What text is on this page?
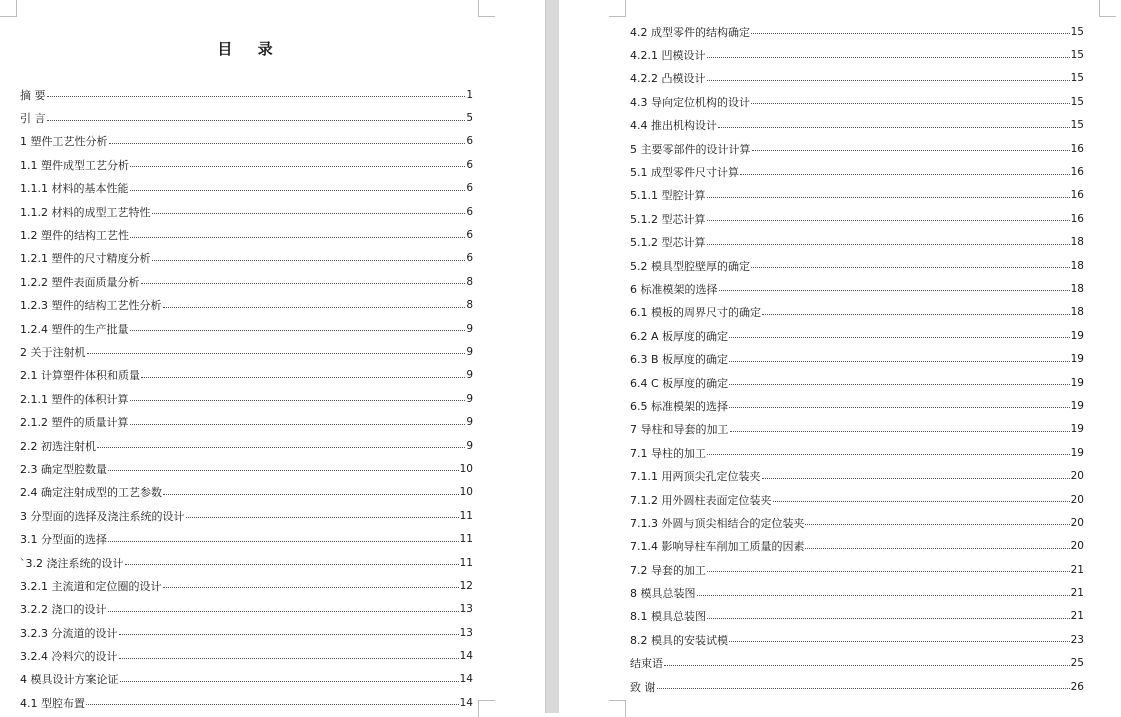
目 录
摘 要	1
引 言	5
1 塑件工艺性分析	6
1.1 塑件成型工艺分析	6
1.1.1 材料的基本性能	6
1.1.2 材料的成型工艺特性	6
1.2 塑件的结构工艺性	6
1.2.1 塑件的尺寸精度分析	6
1.2.2 塑件表面质量分析	8
1.2.3 塑件的结构工艺性分析	8
1.2.4 塑件的生产批量	9
2 关于注射机	9
2.1 计算塑件体积和质量	9
2.1.1 塑件的体积计算	9
2.1.2 塑件的质量计算	9
2.2 初选注射机	9
2.3 确定型腔数量	10
2.4 确定注射成型的工艺参数	10
3 分型面的选择及浇注系统的设计	11
3.1 分型面的选择	11
`3.2 浇注系统的设计	11
3.2.1 主流道和定位圈的设计	12
3.2.2 浇口的设计	13
3.2.3 分流道的设计	13
3.2.4 冷料穴的设计	14
4 模具设计方案论证	14
4.1 型腔布置	14
4.2 成型零件的结构确定	15
4.2.1 凹模设计	15
4.2.2 凸模设计	15
4.3 导向定位机构的设计	15
4.4 推出机构设计	15
5 主要零部件的设计计算	16
5.1 成型零件尺寸计算	16
5.1.1 型腔计算	16
5.1.2 型芯计算	16
5.1.2 型芯计算	18
5.2 模具型腔壁厚的确定	18
6 标准模架的选择	18
6.1 模板的周界尺寸的确定	18
6.2 A 板厚度的确定	19
6.3 B 板厚度的确定	19
6.4 C 板厚度的确定	19
6.5 标准模架的选择	19
7 导柱和导套的加工	19
7.1 导柱的加工	19
7.1.1 用两顶尖孔定位装夹	20
7.1.2 用外圆柱表面定位装夹	20
7.1.3 外圆与顶尖相结合的定位装夹	20
7.1.4 影响导柱车削加工质量的因素	20
7.2 导套的加工	21
8 模具总装图	21
8.1 模具总装图	21
8.2 模具的安装试模	23
结束语	25
致 谢	26
